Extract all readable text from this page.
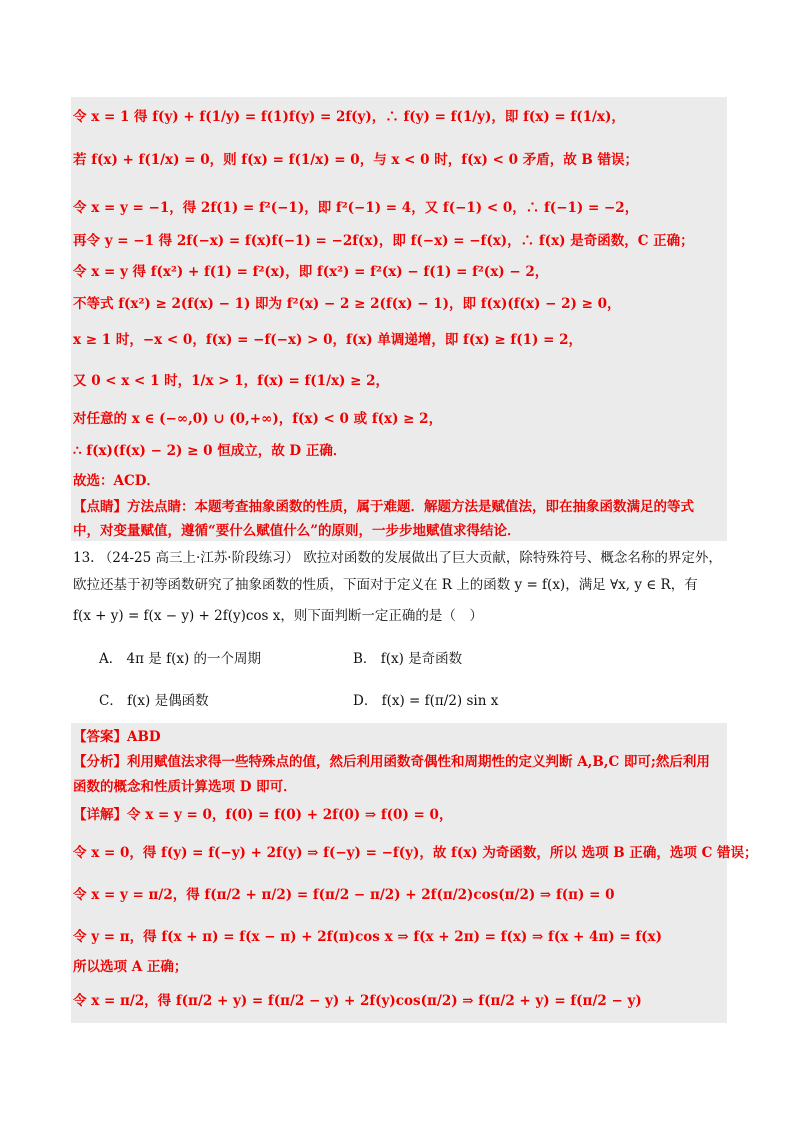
令 x = 1 得 f(y) + f(1/y) = f(1)f(y) = 2f(y)，∴ f(y) = f(1/y)，即 f(x) = f(1/x)，
若 f(x) + f(1/x) = 0，则 f(x) = f(1/x) = 0，与 x < 0 时，f(x) < 0 矛盾，故 B 错误；
令 x = y = −1，得 2f(1) = f²(−1)，即 f²(−1) = 4，又 f(−1) < 0，∴ f(−1) = −2，
再令 y = −1 得 2f(−x) = f(x)f(−1) = −2f(x)，即 f(−x) = −f(x)，∴ f(x) 是奇函数，C 正确；
令 x = y 得 f(x²) + f(1) = f²(x)，即 f(x²) = f²(x) − f(1) = f²(x) − 2，
不等式 f(x²) ≥ 2(f(x) − 1) 即为 f²(x) − 2 ≥ 2(f(x) − 1)，即 f(x)(f(x) − 2) ≥ 0，
x ≥ 1 时，−x < 0，f(x) = −f(−x) > 0，f(x) 单调递增，即 f(x) ≥ f(1) = 2，
又 0 < x < 1 时，1/x > 1，f(x) = f(1/x) ≥ 2，
对任意的 x ∈ (−∞,0) ∪ (0,+∞)，f(x) < 0 或 f(x) ≥ 2，
∴ f(x)(f(x) − 2) ≥ 0 恒成立，故 D 正确．
故选：ACD．
【点睛】方法点睛：本题考查抽象函数的性质，属于难题．解题方法是赋值法，即在抽象函数满足的等式
中，对变量赋值，遵循“要什么赋值什么”的原则，一步步地赋值求得结论．
13. （24-25 高三上·江苏·阶段练习） 欧拉对函数的发展做出了巨大贡献，除特殊符号、概念名称的界定外，
欧拉还基于初等函数研究了抽象函数的性质，下面对于定义在 R 上的函数 y = f(x)，满足 ∀x, y ∈ R，有
f(x + y) = f(x − y) + 2f(y)cos x，则下面判断一定正确的是（　）
A． 4π 是 f(x) 的一个周期	B． f(x) 是奇函数
C． f(x) 是偶函数	D． f(x) = f(π/2) sin x
【答案】ABD
【分析】利用赋值法求得一些特殊点的值，然后利用函数奇偶性和周期性的定义判断 A,B,C 即可;然后利用
函数的概念和性质计算选项 D 即可．
【详解】令 x = y = 0，f(0) = f(0) + 2f(0) ⇒ f(0) = 0，
令 x = 0，得 f(y) = f(−y) + 2f(y) ⇒ f(−y) = −f(y)，故 f(x) 为奇函数，所以 选项 B 正确，选项 C 错误；
令 x = y = π/2，得 f(π/2 + π/2) = f(π/2 − π/2) + 2f(π/2)cos(π/2) ⇒ f(π) = 0
令 y = π，得 f(x + π) = f(x − π) + 2f(π)cos x ⇒ f(x + 2π) = f(x) ⇒ f(x + 4π) = f(x)
所以选项 A 正确；
令 x = π/2，得 f(π/2 + y) = f(π/2 − y) + 2f(y)cos(π/2) ⇒ f(π/2 + y) = f(π/2 − y)
